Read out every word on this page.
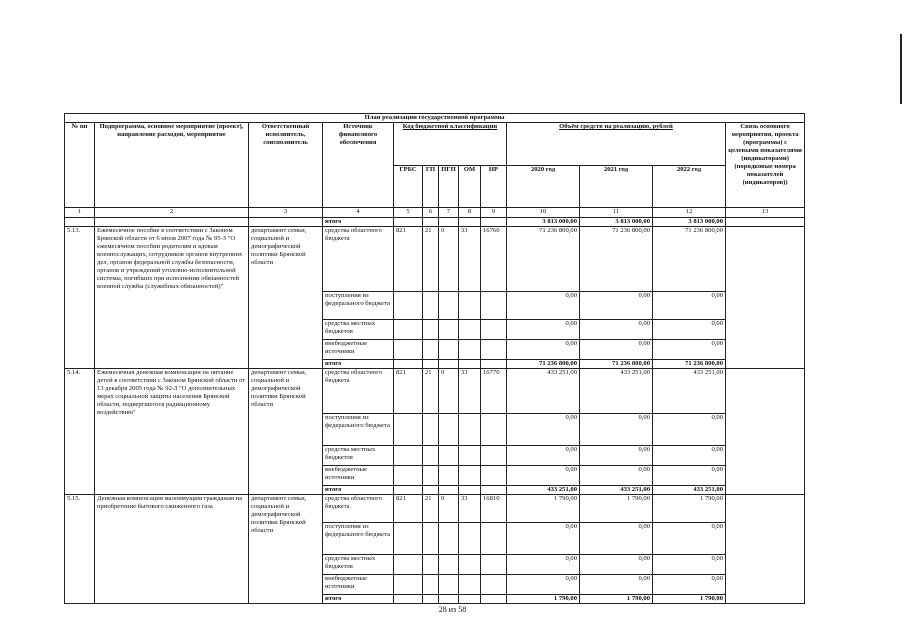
План реализации государственной программы												
№ пп	Подпрограмма, основное мероприятие (проект), направление расходов, мероприятие	Ответственный исполнитель, соисполнитель	Источник финансового обеспечения	Код бюджетной классификации					Объём средств на реализацию, рублей			Связь основного мероприятия, проекта (программы) с целевыми показателями (индикаторами) (порядковые номера показателей (индикаторов))
				ГРБС	ГП	ПГП	ОМ	НР	2020 год	2021 год	2022 год	
1	2	3	4	5	6	7	8	9	10	11	12	13
			итого						3 813 000,00	3 813 000,00	3 813 000,00	
5.13.	Ежемесячное пособие в соответствии с Законом Брянской области от 6 июля 2007 года № 95-З "О ежемесячном пособии родителям и вдовам военнослужащих, сотрудников органов внутренних дел, органов федеральной службы безопасности, органов и учреждений уголовно-исполнительной системы, погибших при исполнении обязанностей военной службы (служебных обязанностей)"	департамент семьи, социальной и демографической политики Брянской области	средства областного бюджета	821	21	0	33	16760	71 236 800,00	71 236 800,00	71 236 800,00	
			поступления из федерального бюджета						0,00	0,00	0,00	
			средства местных бюджетов						0,00	0,00	0,00	
			внебюджетные источники						0,00	0,00	0,00	
			итого						71 236 800,00	71 236 800,00	71 236 800,00	
5.14.	Ежемесячная денежная компенсация на питание детей в соответствии с Законом Брянской области от 13 декабря 2005 года № 92-З "О дополнительных мерах социальной защиты населения Брянской области, подвергшегося радиационному воздействию"	департамент семьи, социальной и демографической политики Брянской области	средства областного бюджета	821	21	0	33	16770	433 251,00	433 251,00	433 251,00	
			поступления из федерального бюджета						0,00	0,00	0,00	
			средства местных бюджетов						0,00	0,00	0,00	
			внебюджетные источники						0,00	0,00	0,00	
			итого						433 251,00	433 251,00	433 251,00	
5.15.	Денежная компенсация малоимущим гражданам на приобретение бытового сжиженного газа	департамент семьи, социальной и демографической политики Брянской области	средства областного бюджета	821	21	0	33	16810	1 790,00	1 790,00	1 790,00	
			поступления из федерального бюджета						0,00	0,00	0,00	
			средства местных бюджетов						0,00	0,00	0,00	
			внебюджетные источники						0,00	0,00	0,00	
			итого						1 790,00	1 790,00	1 790,00	
28 из 58
